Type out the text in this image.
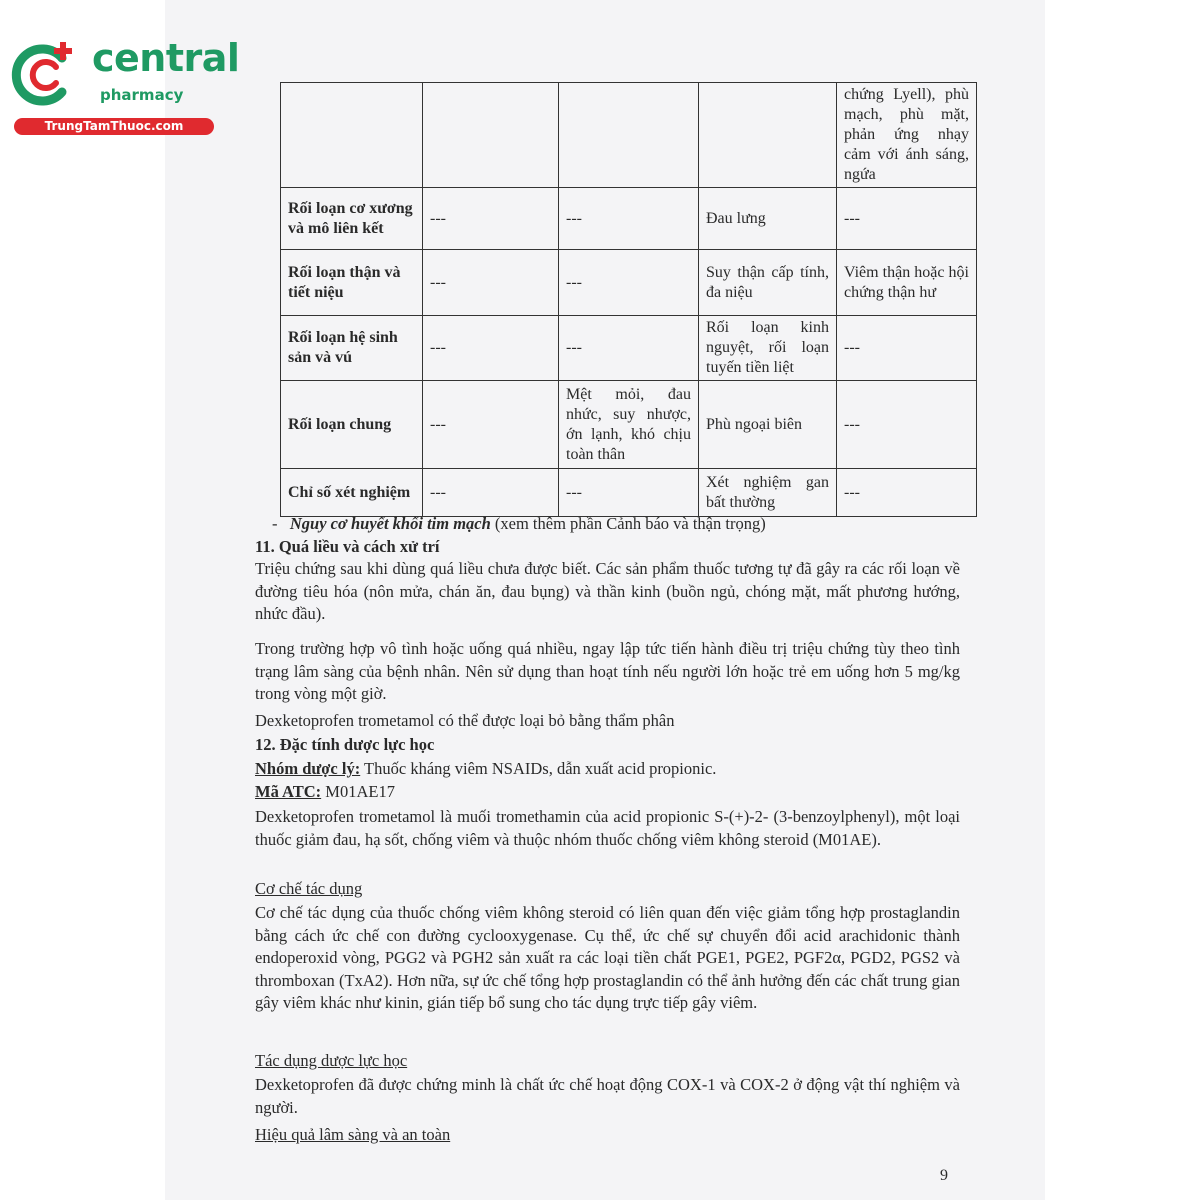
central
pharmacy
TrungTamThuoc.com
				chứng Lyell), phù mạch, phù mặt, phản ứng nhạy cảm với ánh sáng, ngứa
Rối loạn cơ xương và mô liên kết	---	---	Đau lưng	---
Rối loạn thận và tiết niệu	---	---	Suy thận cấp tính, đa niệu	Viêm thận hoặc hội chứng thận hư
Rối loạn hệ sinh sản và vú	---	---	Rối loạn kinh nguyệt, rối loạn tuyến tiền liệt	---
Rối loạn chung	---	Mệt mỏi, đau nhức, suy nhược, ớn lạnh, khó chịu toàn thân	Phù ngoại biên	---
Chỉ số xét nghiệm	---	---	Xét nghiệm gan bất thường	---
- Nguy cơ huyết khối tim mạch (xem thêm phần Cảnh báo và thận trọng)
11. Quá liều và cách xử trí
Triệu chứng sau khi dùng quá liều chưa được biết. Các sản phẩm thuốc tương tự đã gây ra các rối loạn về đường tiêu hóa (nôn mửa, chán ăn, đau bụng) và thần kinh (buồn ngủ, chóng mặt, mất phương hướng, nhức đầu).
Trong trường hợp vô tình hoặc uống quá nhiều, ngay lập tức tiến hành điều trị triệu chứng tùy theo tình trạng lâm sàng của bệnh nhân. Nên sử dụng than hoạt tính nếu người lớn hoặc trẻ em uống hơn 5 mg/kg trong vòng một giờ.
Dexketoprofen trometamol có thể được loại bỏ bằng thẩm phân
12. Đặc tính dược lực học
Nhóm dược lý: Thuốc kháng viêm NSAIDs, dẫn xuất acid propionic.
Mã ATC: M01AE17
Dexketoprofen trometamol là muối tromethamin của acid propionic S-(+)-2- (3-benzoylphenyl), một loại thuốc giảm đau, hạ sốt, chống viêm và thuộc nhóm thuốc chống viêm không steroid (M01AE).
Cơ chế tác dụng
Cơ chế tác dụng của thuốc chống viêm không steroid có liên quan đến việc giảm tổng hợp prostaglandin bằng cách ức chế con đường cyclooxygenase. Cụ thể, ức chế sự chuyển đổi acid arachidonic thành endoperoxid vòng, PGG2 và PGH2 sản xuất ra các loại tiền chất PGE1, PGE2, PGF2α, PGD2, PGS2 và thromboxan (TxA2). Hơn nữa, sự ức chế tổng hợp prostaglandin có thể ảnh hưởng đến các chất trung gian gây viêm khác như kinin, gián tiếp bổ sung cho tác dụng trực tiếp gây viêm.
Tác dụng dược lực học
Dexketoprofen đã được chứng minh là chất ức chế hoạt động COX-1 và COX-2 ở động vật thí nghiệm và người.
Hiệu quả lâm sàng và an toàn
9
